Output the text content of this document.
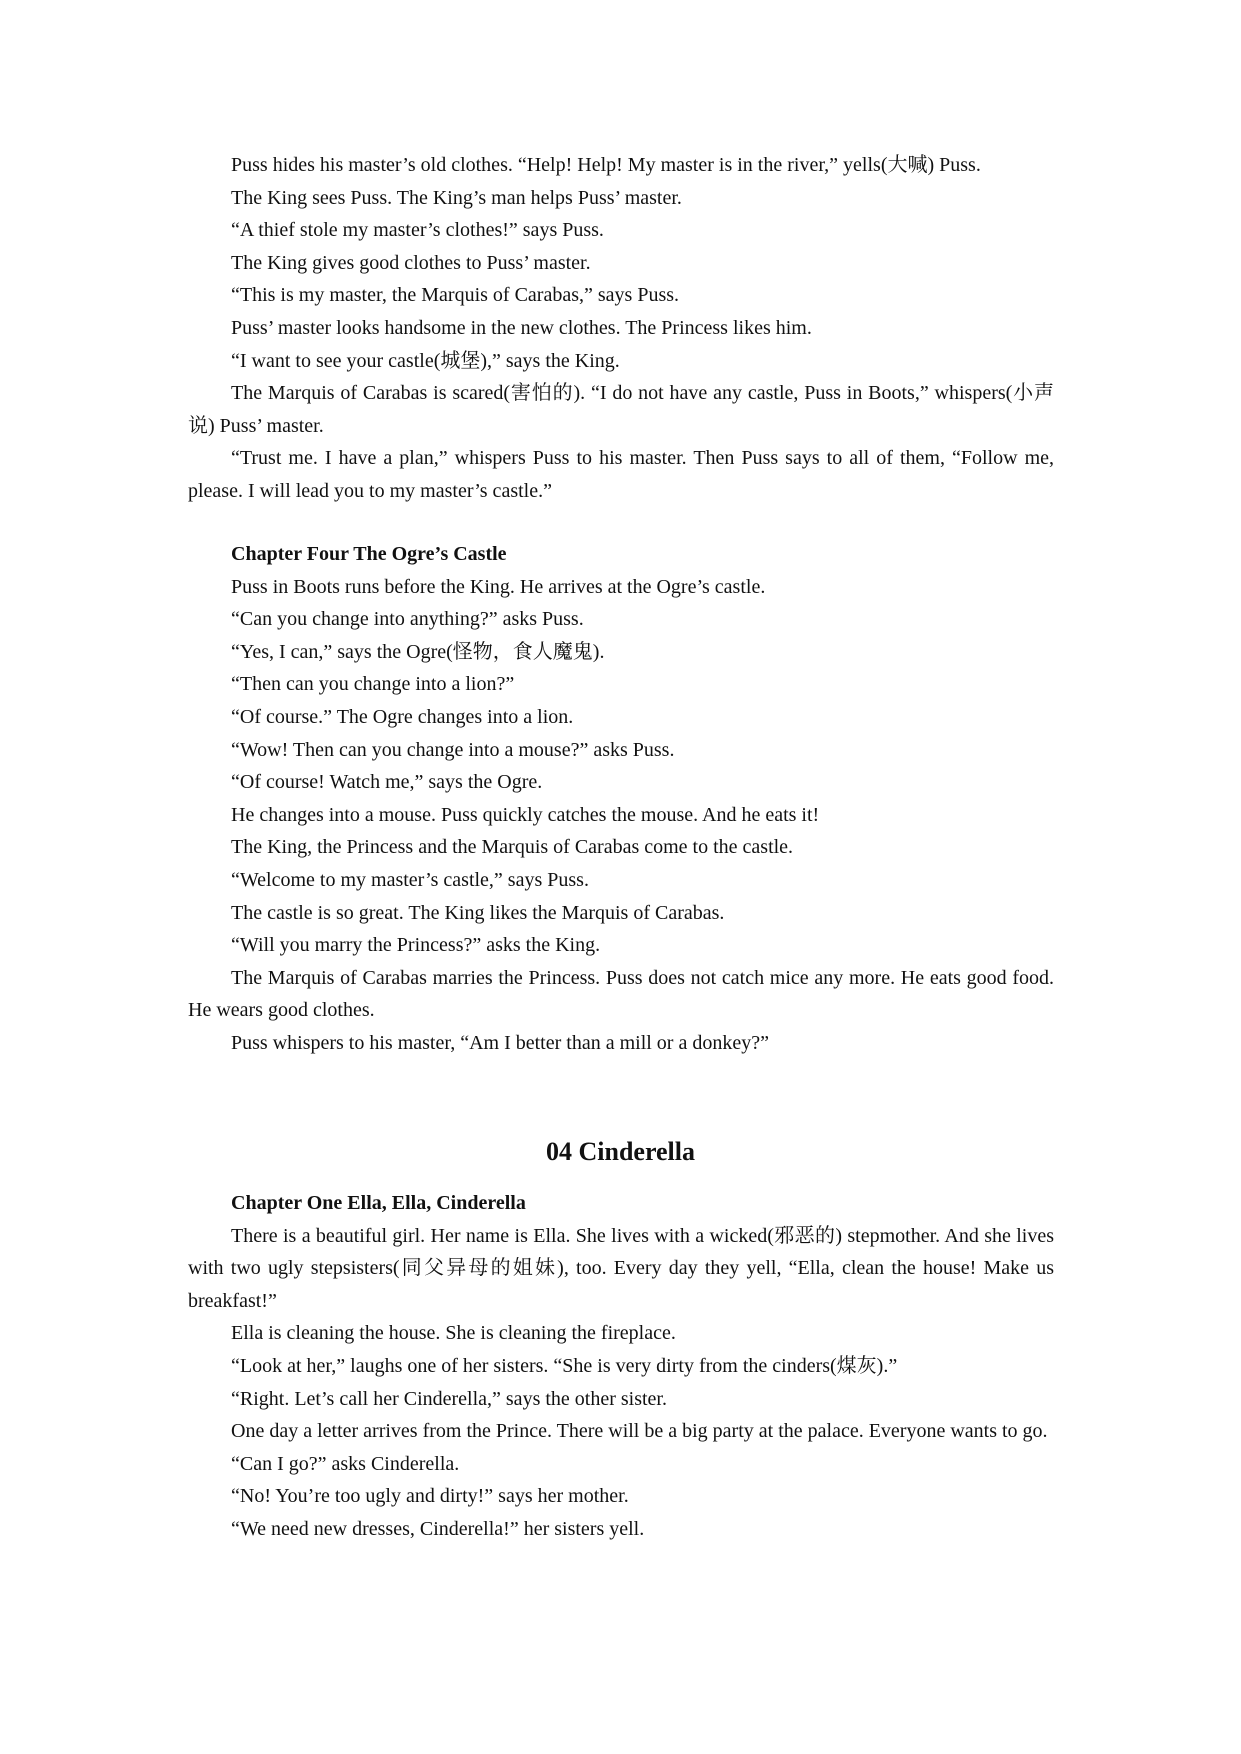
Puss hides his master’s old clothes. “Help! Help! My master is in the river,” yells(大喊) Puss.

The King sees Puss. The King’s man helps Puss’ master.

“A thief stole my master’s clothes!” says Puss.

The King gives good clothes to Puss’ master.

“This is my master, the Marquis of Carabas,” says Puss.

Puss’ master looks handsome in the new clothes. The Princess likes him.

“I want to see your castle(城堡),” says the King.

The Marquis of Carabas is scared(害怕的). “I do not have any castle, Puss in Boots,” whispers(小声说) Puss’ master.

“Trust me. I have a plan,” whispers Puss to his master. Then Puss says to all of them, “Follow me, please. I will lead you to my master’s castle.”

Chapter Four The Ogre’s Castle

Puss in Boots runs before the King. He arrives at the Ogre’s castle.

“Can you change into anything?” asks Puss.

“Yes, I can,” says the Ogre(怪物，食人魔鬼).

“Then can you change into a lion?”

“Of course.” The Ogre changes into a lion.

“Wow! Then can you change into a mouse?” asks Puss.

“Of course! Watch me,” says the Ogre.

He changes into a mouse. Puss quickly catches the mouse. And he eats it!

The King, the Princess and the Marquis of Carabas come to the castle.

“Welcome to my master’s castle,” says Puss.

The castle is so great. The King likes the Marquis of Carabas.

“Will you marry the Princess?” asks the King.

The Marquis of Carabas marries the Princess. Puss does not catch mice any more. He eats good food. He wears good clothes.

Puss whispers to his master, “Am I better than a mill or a donkey?”

04 Cinderella

Chapter One Ella, Ella, Cinderella

There is a beautiful girl. Her name is Ella. She lives with a wicked(邪恶的) stepmother. And she lives with two ugly stepsisters(同父异母的姐妹), too. Every day they yell, “Ella, clean the house! Make us breakfast!”

Ella is cleaning the house. She is cleaning the fireplace.

“Look at her,” laughs one of her sisters. “She is very dirty from the cinders(煤灰).”

“Right. Let’s call her Cinderella,” says the other sister.

One day a letter arrives from the Prince. There will be a big party at the palace. Everyone wants to go.

“Can I go?” asks Cinderella.

“No! You’re too ugly and dirty!” says her mother.

“We need new dresses, Cinderella!” her sisters yell.
